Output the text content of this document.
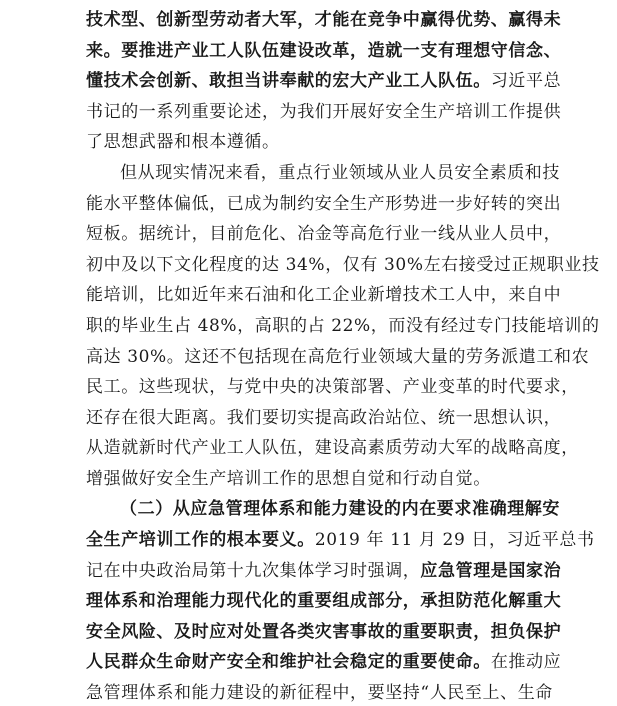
技术型、创新型劳动者大军，才能在竞争中赢得优势、赢得未
来。要推进产业工人队伍建设改革，造就一支有理想守信念、
懂技术会创新、敢担当讲奉献的宏大产业工人队伍。习近平总
书记的一系列重要论述，为我们开展好安全生产培训工作提供
了思想武器和根本遵循。
但从现实情况来看，重点行业领域从业人员安全素质和技
能水平整体偏低，已成为制约安全生产形势进一步好转的突出
短板。据统计，目前危化、冶金等高危行业一线从业人员中，
初中及以下文化程度的达 34%，仅有 30%左右接受过正规职业技
能培训，比如近年来石油和化工企业新增技术工人中，来自中
职的毕业生占 48%，高职的占 22%，而没有经过专门技能培训的
高达 30%。这还不包括现在高危行业领域大量的劳务派遣工和农
民工。这些现状，与党中央的决策部署、产业变革的时代要求，
还存在很大距离。我们要切实提高政治站位、统一思想认识，
从造就新时代产业工人队伍，建设高素质劳动大军的战略高度，
增强做好安全生产培训工作的思想自觉和行动自觉。
（二）从应急管理体系和能力建设的内在要求准确理解安
全生产培训工作的根本要义。2019 年 11 月 29 日，习近平总书
记在中央政治局第十九次集体学习时强调，应急管理是国家治
理体系和治理能力现代化的重要组成部分，承担防范化解重大
安全风险、及时应对处置各类灾害事故的重要职责，担负保护
人民群众生命财产安全和维护社会稳定的重要使命。在推动应
急管理体系和能力建设的新征程中，要坚持“人民至上、生命
